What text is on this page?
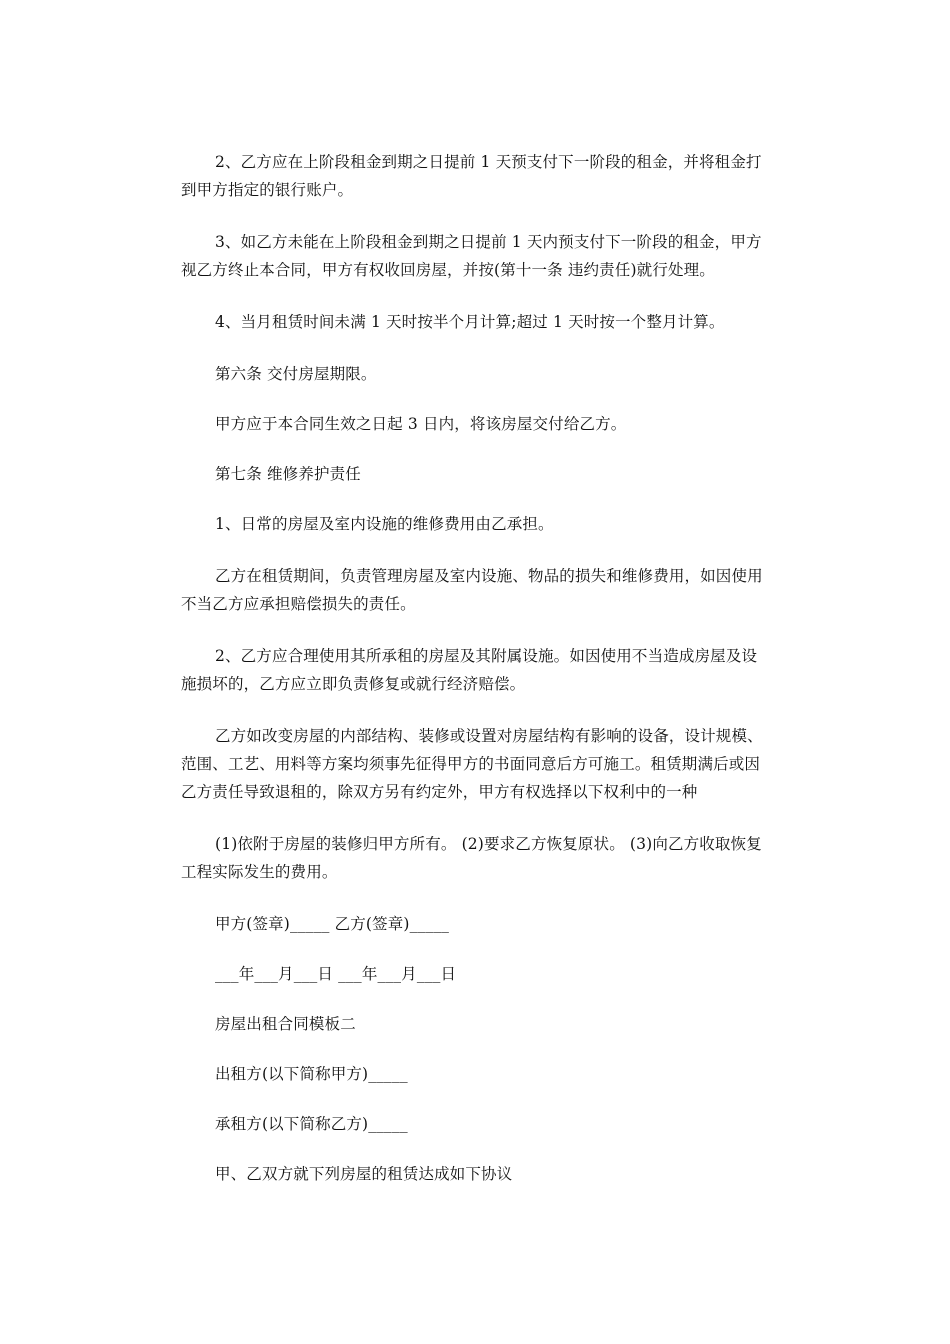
2、乙方应在上阶段租金到期之日提前 1 天预支付下一阶段的租金，并将租金打到甲方指定的银行账户。

3、如乙方未能在上阶段租金到期之日提前 1 天内预支付下一阶段的租金，甲方视乙方终止本合同，甲方有权收回房屋，并按(第十一条 违约责任)就行处理。

4、当月租赁时间未满 1 天时按半个月计算;超过 1 天时按一个整月计算。

第六条 交付房屋期限。

甲方应于本合同生效之日起 3 日内，将该房屋交付给乙方。

第七条 维修养护责任

1、日常的房屋及室内设施的维修费用由乙承担。

乙方在租赁期间，负责管理房屋及室内设施、物品的损失和维修费用，如因使用不当乙方应承担赔偿损失的责任。

2、乙方应合理使用其所承租的房屋及其附属设施。如因使用不当造成房屋及设施损坏的，乙方应立即负责修复或就行经济赔偿。

乙方如改变房屋的内部结构、装修或设置对房屋结构有影响的设备，设计规模、范围、工艺、用料等方案均须事先征得甲方的书面同意后方可施工。租赁期满后或因乙方责任导致退租的，除双方另有约定外，甲方有权选择以下权利中的一种

(1)依附于房屋的装修归甲方所有。 (2)要求乙方恢复原状。 (3)向乙方收取恢复工程实际发生的费用。

甲方(签章)_____ 乙方(签章)_____

___年___月___日 ___年___月___日

房屋出租合同模板二

出租方(以下简称甲方)_____

承租方(以下简称乙方)_____

甲、乙双方就下列房屋的租赁达成如下协议
